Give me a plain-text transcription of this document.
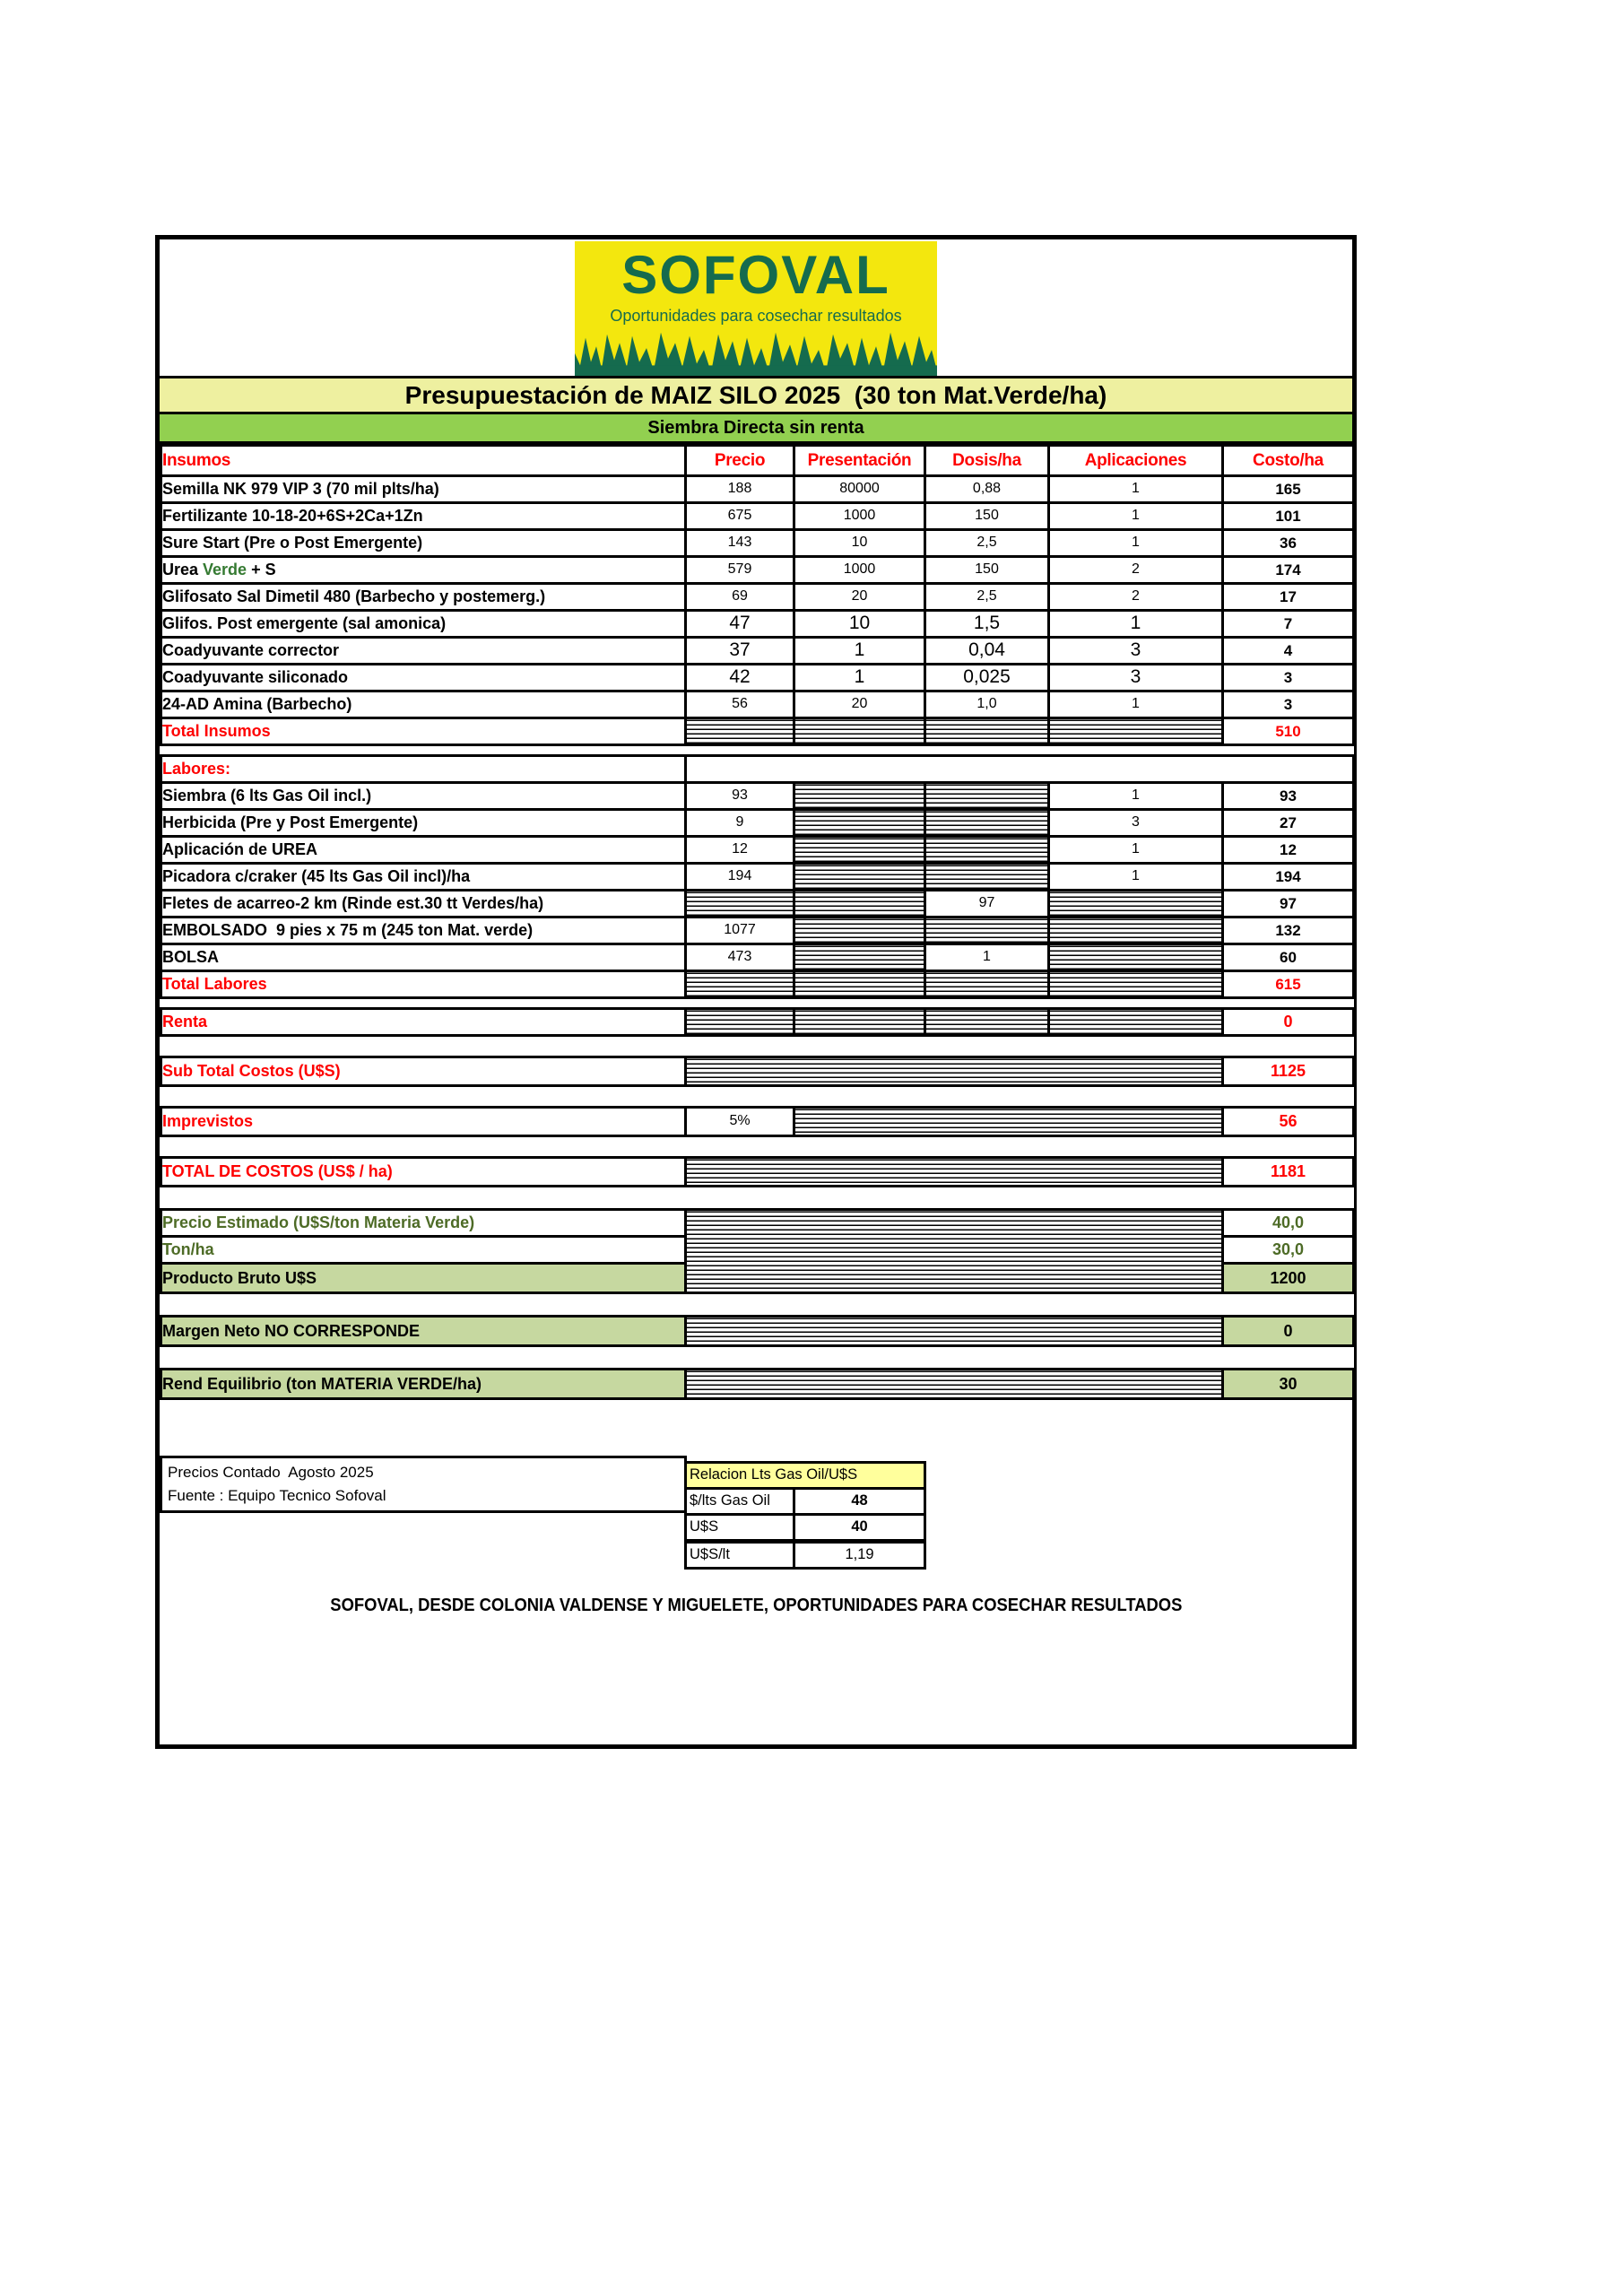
SOFOVAL
Oportunidades para cosechar resultados
Presupuestación de MAIZ SILO 2025  (30 ton Mat.Verde/ha)
Siembra Directa sin renta
Insumos	Precio	Presentación	Dosis/ha	Aplicaciones	Costo/ha
Semilla NK 979 VIP 3 (70 mil plts/ha)	188	80000	0,88	1	165
Fertilizante 10-18-20+6S+2Ca+1Zn	675	1000	150	1	101
Sure Start (Pre o Post Emergente)	143	10	2,5	1	36
Urea Verde + S	579	1000	150	2	174
Glifosato Sal Dimetil 480 (Barbecho y postemerg.)	69	20	2,5	2	17
Glifos. Post emergente (sal amonica)	47	10	1,5	1	7
Coadyuvante corrector	37	1	0,04	3	4
Coadyuvante siliconado	42	1	0,025	3	3
24-AD Amina (Barbecho)	56	20	1,0	1	3
Total Insumos					510

Labores:					
Siembra (6 lts Gas Oil incl.)	93			1	93
Herbicida (Pre y Post Emergente)	9			3	27
Aplicación de UREA	12			1	12
Picadora c/craker (45 lts Gas Oil incl)/ha	194			1	194
Fletes de acarreo-2 km (Rinde est.30 tt Verdes/ha)			97		97
EMBOLSADO  9 pies x 75 m (245 ton Mat. verde)	1077				132
BOLSA	473		1		60
Total Labores					615

Renta					0

Sub Total Costos (U$S)					1125

Imprevistos	5%				56

TOTAL DE COSTOS (US$ / ha)					1181

Precio Estimado (U$S/ton Materia Verde)					40,0
Ton/ha					30,0
Producto Bruto U$S					1200

Margen Neto NO CORRESPONDE					0

Rend Equilibrio (ton MATERIA VERDE/ha)					30
Precios Contado  Agosto 2025
Fuente : Equipo Tecnico Sofoval
Relacion Lts Gas Oil/U$S	
$/lts Gas Oil	48
U$S	40
U$S/lt	1,19
SOFOVAL, DESDE COLONIA VALDENSE Y MIGUELETE, OPORTUNIDADES PARA COSECHAR RESULTADOS
